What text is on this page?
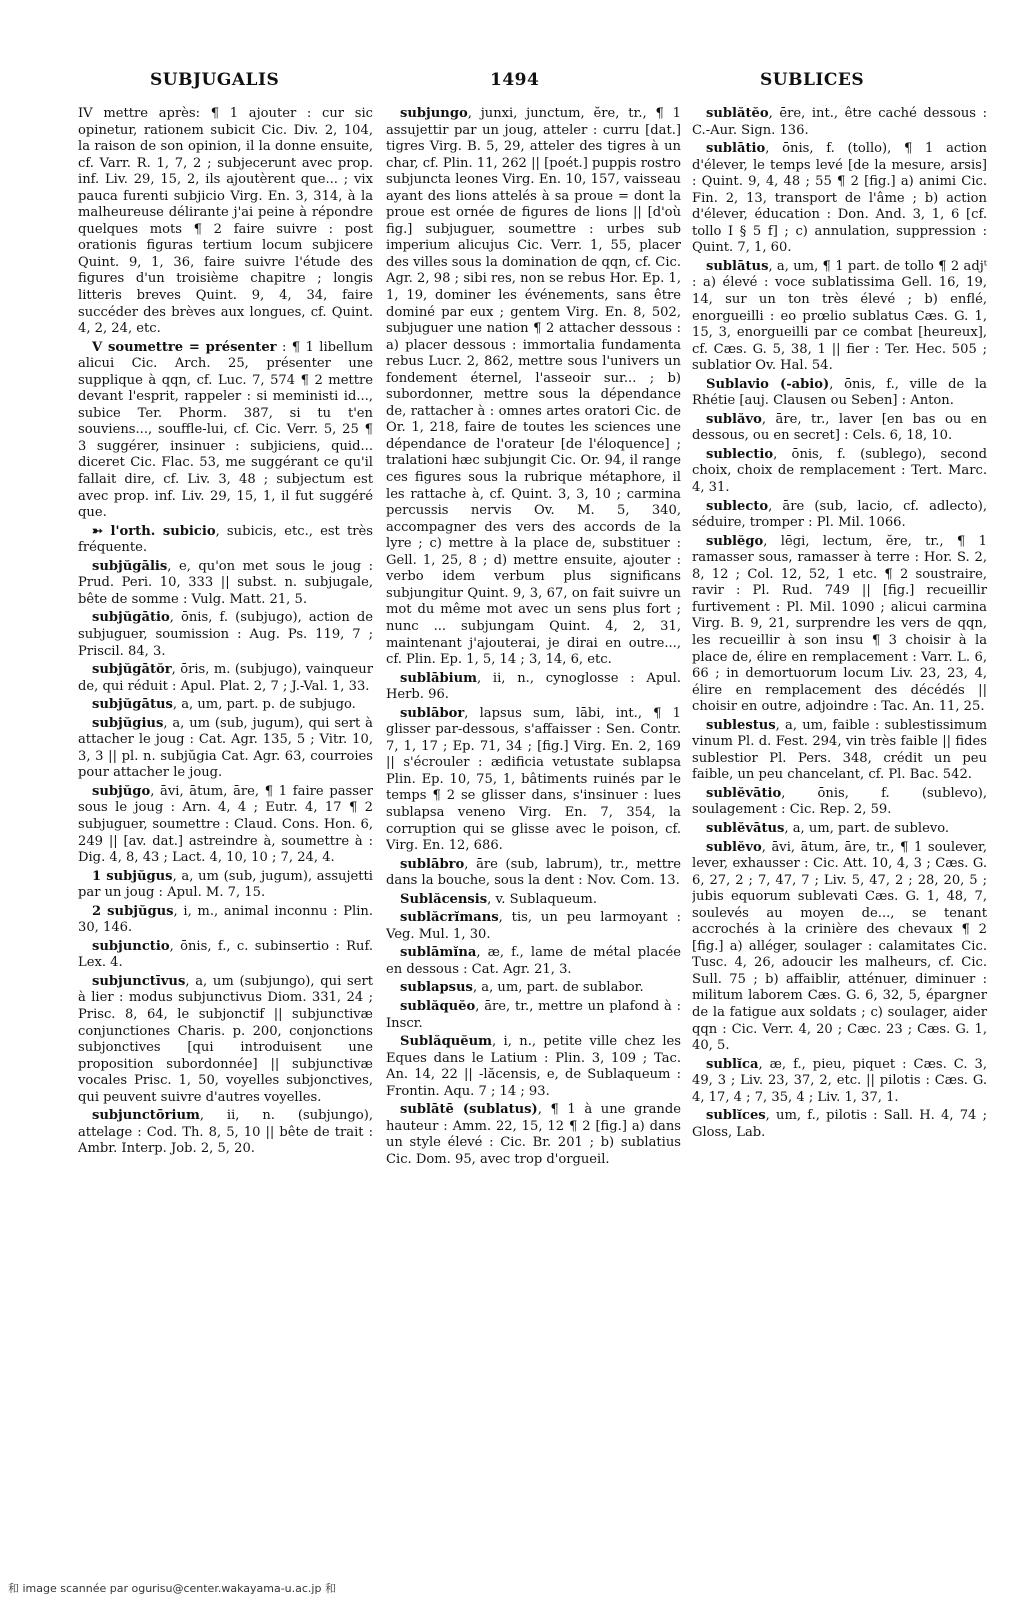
SUBJUGALIS	1494	SUBLICES

IV mettre après: ¶ 1 ajouter : cur sic opinetur, rationem subicit Cic. Div. 2, 104, la raison de son opinion, il la donne ensuite, cf. Varr. R. 1, 7, 2 ; subjecerunt avec prop. inf. Liv. 29, 15, 2, ils ajoutèrent que... ; vix pauca furenti subjicio Virg. En. 3, 314, à la malheureuse délirante j'ai peine à répondre quelques mots ¶ 2 faire suivre : post orationis figuras tertium locum subjicere Quint. 9, 1, 36, faire suivre l'étude des figures d'un troisième chapitre ; longis litteris breves Quint. 9, 4, 34, faire succéder des brèves aux longues, cf. Quint. 4, 2, 24, etc.

V soumettre = présenter : ¶ 1 libellum alicui Cic. Arch. 25, présenter une supplique à qqn, cf. Luc. 7, 574 ¶ 2 mettre devant l'esprit, rappeler : si meministi id..., subice Ter. Phorm. 387, si tu t'en souviens..., souffle-lui, cf. Cic. Verr. 5, 25 ¶ 3 suggérer, insinuer : subjiciens, quid... diceret Cic. Flac. 53, me suggérant ce qu'il fallait dire, cf. Liv. 3, 48 ; subjectum est avec prop. inf. Liv. 29, 15, 1, il fut suggéré que.

➳ l'orth. subicio, subicis, etc., est très fréquente.

subjŭgālis, e, qu'on met sous le joug : Prud. Peri. 10, 333 || subst. n. subjugale, bête de somme : Vulg. Matt. 21, 5.

subjŭgātio, ōnis, f. (subjugo), action de subjuguer, soumission : Aug. Ps. 119, 7 ; Priscil. 84, 3.

subjŭgātŏr, ōris, m. (subjugo), vainqueur de, qui réduit : Apul. Plat. 2, 7 ; J.-Val. 1, 33.

subjŭgātus, a, um, part. p. de subjugo.

subjŭgius, a, um (sub, jugum), qui sert à attacher le joug : Cat. Agr. 135, 5 ; Vitr. 10, 3, 3 || pl. n. subjŭgia Cat. Agr. 63, courroies pour attacher le joug.

subjŭgo, āvi, ātum, āre, ¶ 1 faire passer sous le joug : Arn. 4, 4 ; Eutr. 4, 17 ¶ 2 subjuguer, soumettre : Claud. Cons. Hon. 6, 249 || [av. dat.] astreindre à, soumettre à : Dig. 4, 8, 43 ; Lact. 4, 10, 10 ; 7, 24, 4.

1 subjŭgus, a, um (sub, jugum), assujetti par un joug : Apul. M. 7, 15.

2 subjŭgus, i, m., animal inconnu : Plin. 30, 146.

subjunctio, ōnis, f., c. subinsertio : Ruf. Lex. 4.

subjunctīvus, a, um (subjungo), qui sert à lier : modus subjunctivus Diom. 331, 24 ; Prisc. 8, 64, le subjonctif || subjunctivæ conjunctiones Charis. p. 200, conjonctions subjonctives [qui introduisent une proposition subordonnée] || subjunctivæ vocales Prisc. 1, 50, voyelles subjonctives, qui peuvent suivre d'autres voyelles.

subjunctōrium, ii, n. (subjungo), attelage : Cod. Th. 8, 5, 10 || bête de trait : Ambr. Interp. Job. 2, 5, 20.

subjungo, junxi, junctum, ĕre, tr., ¶ 1 assujettir par un joug, atteler : curru [dat.] tigres Virg. B. 5, 29, atteler des tigres à un char, cf. Plin. 11, 262 || [poét.] puppis rostro subjuncta leones Virg. En. 10, 157, vaisseau ayant des lions attelés à sa proue = dont la proue est ornée de figures de lions || [d'où fig.] subjuguer, soumettre : urbes sub imperium alicujus Cic. Verr. 1, 55, placer des villes sous la domination de qqn, cf. Cic. Agr. 2, 98 ; sibi res, non se rebus Hor. Ep. 1, 1, 19, dominer les événements, sans être dominé par eux ; gentem Virg. En. 8, 502, subjuguer une nation ¶ 2 attacher dessous : a) placer dessous : immortalia fundamenta rebus Lucr. 2, 862, mettre sous l'univers un fondement éternel, l'asseoir sur... ; b) subordonner, mettre sous la dépendance de, rattacher à : omnes artes oratori Cic. de Or. 1, 218, faire de toutes les sciences une dépendance de l'orateur [de l'éloquence] ; tralationi hæc subjungit Cic. Or. 94, il range ces figures sous la rubrique métaphore, il les rattache à, cf. Quint. 3, 3, 10 ; carmina percussis nervis Ov. M. 5, 340, accompagner des vers des accords de la lyre ; c) mettre à la place de, substituer : Gell. 1, 25, 8 ; d) mettre ensuite, ajouter : verbo idem verbum plus significans subjungitur Quint. 9, 3, 67, on fait suivre un mot du même mot avec un sens plus fort ; nunc ... subjungam Quint. 4, 2, 31, maintenant j'ajouterai, je dirai en outre..., cf. Plin. Ep. 1, 5, 14 ; 3, 14, 6, etc.

sublābium, ii, n., cynoglosse : Apul. Herb. 96.

sublābor, lapsus sum, lābi, int., ¶ 1 glisser par-dessous, s'affaisser : Sen. Contr. 7, 1, 17 ; Ep. 71, 34 ; [fig.] Virg. En. 2, 169 || s'écrouler : ædificia vetustate sublapsa Plin. Ep. 10, 75, 1, bâtiments ruinés par le temps ¶ 2 se glisser dans, s'insinuer : lues sublapsa veneno Virg. En. 7, 354, la corruption qui se glisse avec le poison, cf. Virg. En. 12, 686.

sublābro, āre (sub, labrum), tr., mettre dans la bouche, sous la dent : Nov. Com. 13.

Sublăcensis, v. Sublaqueum.

sublăcrĭmans, tis, un peu larmoyant : Veg. Mul. 1, 30.

sublāmĭna, æ, f., lame de métal placée en dessous : Cat. Agr. 21, 3.

sublapsus, a, um, part. de sublabor.

sublăquĕo, āre, tr., mettre un plafond à : Inscr.

Sublăquĕum, i, n., petite ville chez les Eques dans le Latium : Plin. 3, 109 ; Tac. An. 14, 22 || -lăcensis, e, de Sublaqueum : Frontin. Aqu. 7 ; 14 ; 93.

sublātē (sublatus), ¶ 1 à une grande hauteur : Amm. 22, 15, 12 ¶ 2 [fig.] a) dans un style élevé : Cic. Br. 201 ; b) sublatius Cic. Dom. 95, avec trop d'orgueil.

sublătĕo, ēre, int., être caché dessous : C.-Aur. Sign. 136.

sublātio, ōnis, f. (tollo), ¶ 1 action d'élever, le temps levé [de la mesure, arsis] : Quint. 9, 4, 48 ; 55 ¶ 2 [fig.] a) animi Cic. Fin. 2, 13, transport de l'âme ; b) action d'élever, éducation : Don. And. 3, 1, 6 [cf. tollo I § 5 f] ; c) annulation, suppression : Quint. 7, 1, 60.

sublātus, a, um, ¶ 1 part. de tollo ¶ 2 adjᵗ : a) élevé : voce sublatissima Gell. 16, 19, 14, sur un ton très élevé ; b) enflé, enorgueilli : eo prœlio sublatus Cæs. G. 1, 15, 3, enorgueilli par ce combat [heureux], cf. Cæs. G. 5, 38, 1 || fier : Ter. Hec. 505 ; sublatior Ov. Hal. 54.

Sublavio (-abio), ōnis, f., ville de la Rhétie [auj. Clausen ou Seben] : Anton.

sublăvo, āre, tr., laver [en bas ou en dessous, ou en secret] : Cels. 6, 18, 10.

sublectio, ōnis, f. (sublego), second choix, choix de remplacement : Tert. Marc. 4, 31.

sublecto, āre (sub, lacio, cf. adlecto), séduire, tromper : Pl. Mil. 1066.

sublĕgo, lēgi, lectum, ĕre, tr., ¶ 1 ramasser sous, ramasser à terre : Hor. S. 2, 8, 12 ; Col. 12, 52, 1 etc. ¶ 2 soustraire, ravir : Pl. Rud. 749 || [fig.] recueillir furtivement : Pl. Mil. 1090 ; alicui carmina Virg. B. 9, 21, surprendre les vers de qqn, les recueillir à son insu ¶ 3 choisir à la place de, élire en remplacement : Varr. L. 6, 66 ; in demortuorum locum Liv. 23, 23, 4, élire en remplacement des décédés || choisir en outre, adjoindre : Tac. An. 11, 25.

sublestus, a, um, faible : sublestissimum vinum Pl. d. Fest. 294, vin très faible || fides sublestior Pl. Pers. 348, crédit un peu faible, un peu chancelant, cf. Pl. Bac. 542.

sublĕvātio, ōnis, f. (sublevo), soulagement : Cic. Rep. 2, 59.

sublĕvātus, a, um, part. de sublevo.

sublĕvo, āvi, ātum, āre, tr., ¶ 1 soulever, lever, exhausser : Cic. Att. 10, 4, 3 ; Cæs. G. 6, 27, 2 ; 7, 47, 7 ; Liv. 5, 47, 2 ; 28, 20, 5 ; jubis equorum sublevati Cæs. G. 1, 48, 7, soulevés au moyen de..., se tenant accrochés à la crinière des chevaux ¶ 2 [fig.] a) alléger, soulager : calamitates Cic. Tusc. 4, 26, adoucir les malheurs, cf. Cic. Sull. 75 ; b) affaiblir, atténuer, diminuer : militum laborem Cæs. G. 6, 32, 5, épargner de la fatigue aux soldats ; c) soulager, aider qqn : Cic. Verr. 4, 20 ; Cæc. 23 ; Cæs. G. 1, 40, 5.

sublĭca, æ, f., pieu, piquet : Cæs. C. 3, 49, 3 ; Liv. 23, 37, 2, etc. || pilotis : Cæs. G. 4, 17, 4 ; 7, 35, 4 ; Liv. 1, 37, 1.

sublĭces, um, f., pilotis : Sall. H. 4, 74 ; Gloss, Lab.

和 image scannée par ogurisu@center.wakayama-u.ac.jp 和
